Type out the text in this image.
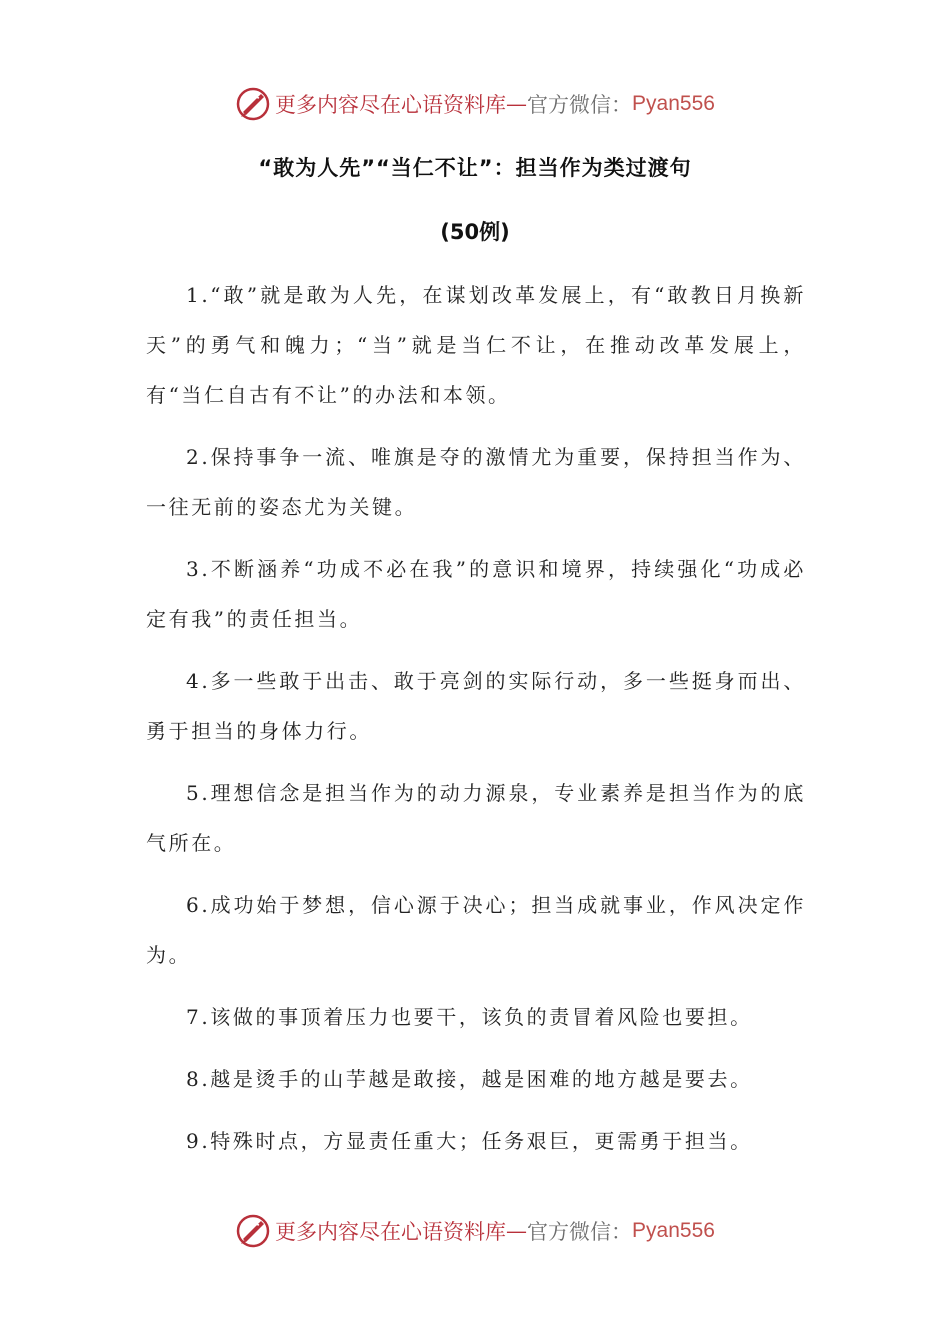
更多内容尽在心语资料库 — 官方微信： Pyan556
“敢为人先”“当仁不让”：担当作为类过渡句
(50例)

1.“敢”就是敢为人先，在谋划改革发展上，有“敢教日月换新天”的勇气和魄力；“当”就是当仁不让，在推动改革发展上，有“当仁自古有不让”的办法和本领。

2.保持事争一流、唯旗是夺的激情尤为重要，保持担当作为、一往无前的姿态尤为关键。

3.不断涵养“功成不必在我”的意识和境界，持续强化“功成必定有我”的责任担当。

4.多一些敢于出击、敢于亮剑的实际行动，多一些挺身而出、勇于担当的身体力行。

5.理想信念是担当作为的动力源泉，专业素养是担当作为的底气所在。

6.成功始于梦想，信心源于决心；担当成就事业，作风决定作为。

7.该做的事顶着压力也要干，该负的责冒着风险也要担。

8.越是烫手的山芋越是敢接，越是困难的地方越是要去。

9.特殊时点，方显责任重大；任务艰巨，更需勇于担当。

更多内容尽在心语资料库 — 官方微信： Pyan556
